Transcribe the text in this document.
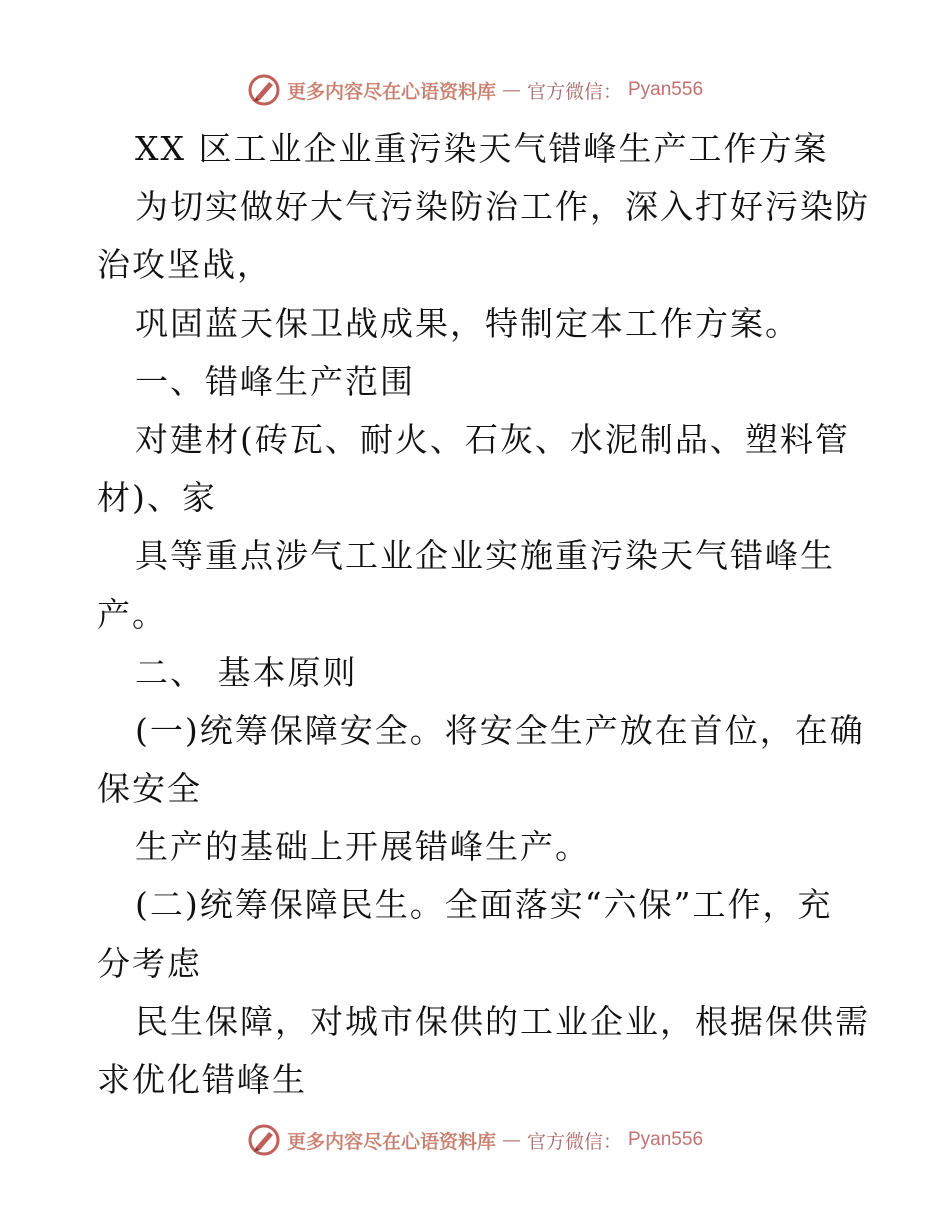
更多内容尽在心语资料库 — 官方微信： Pyan556
XX 区工业企业重污染天气错峰生产工作方案
为切实做好大气污染防治工作，深入打好污染防
治攻坚战，
巩固蓝天保卫战成果，特制定本工作方案。
一、错峰生产范围
对建材(砖瓦、耐火、石灰、水泥制品、塑料管
材)、家
具等重点涉气工业企业实施重污染天气错峰生
产。
二、 基本原则
(一)统筹保障安全。将安全生产放在首位，在确
保安全
生产的基础上开展错峰生产。
(二)统筹保障民生。全面落实“六保”工作，充
分考虑
民生保障，对城市保供的工业企业，根据保供需
求优化错峰生
更多内容尽在心语资料库 — 官方微信： Pyan556
